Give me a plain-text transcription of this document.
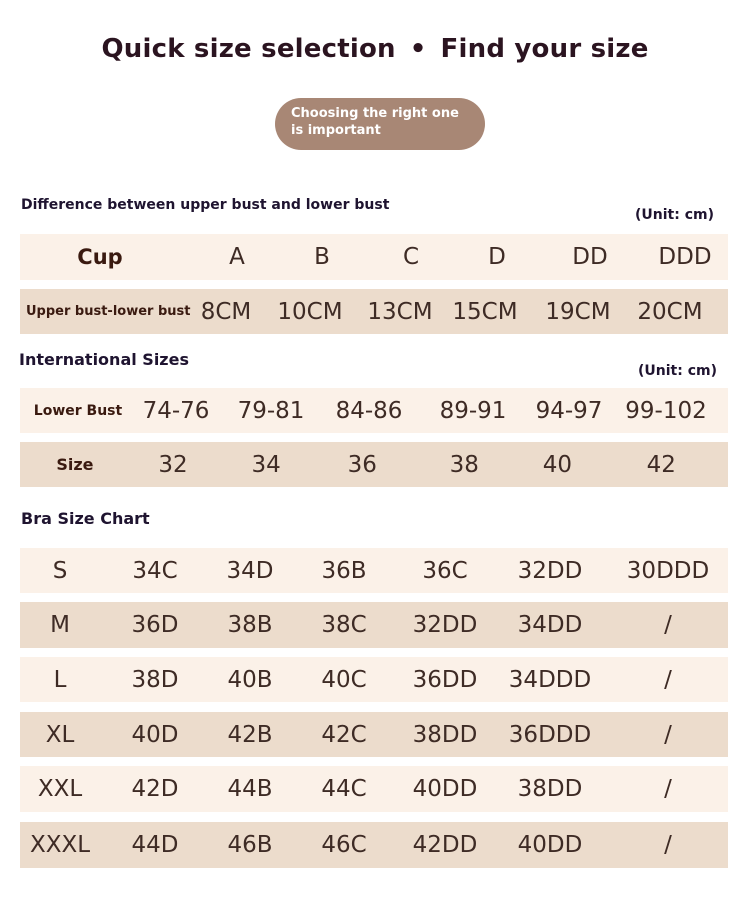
Quick size selection • Find your size
Choosing the right one is important
Difference between upper bust and lower bust
(Unit: cm)
Cup	A	B	C	D	DD	DDD
Upper bust-lower bust 8CM	10CM	13CM 15CM	19CM	20CM
International Sizes
(Unit: cm)
Lower Bust 74-76	79-81	84-86	89-91	94-97 99-102
Size	32	34	36	38	40	42
Bra Size Chart
S	34C	34D	36B	36C	32DD	30DDD
M	36D	38B	38C	32DD	34DD	/
L	38D	40B	40C	36DD	34DDD	/
XL	40D	42B	42C	38DD	36DDD	/
XXL	42D	44B	44C	40DD	38DD	/
XXXL	44D	46B	46C	42DD	40DD	/
